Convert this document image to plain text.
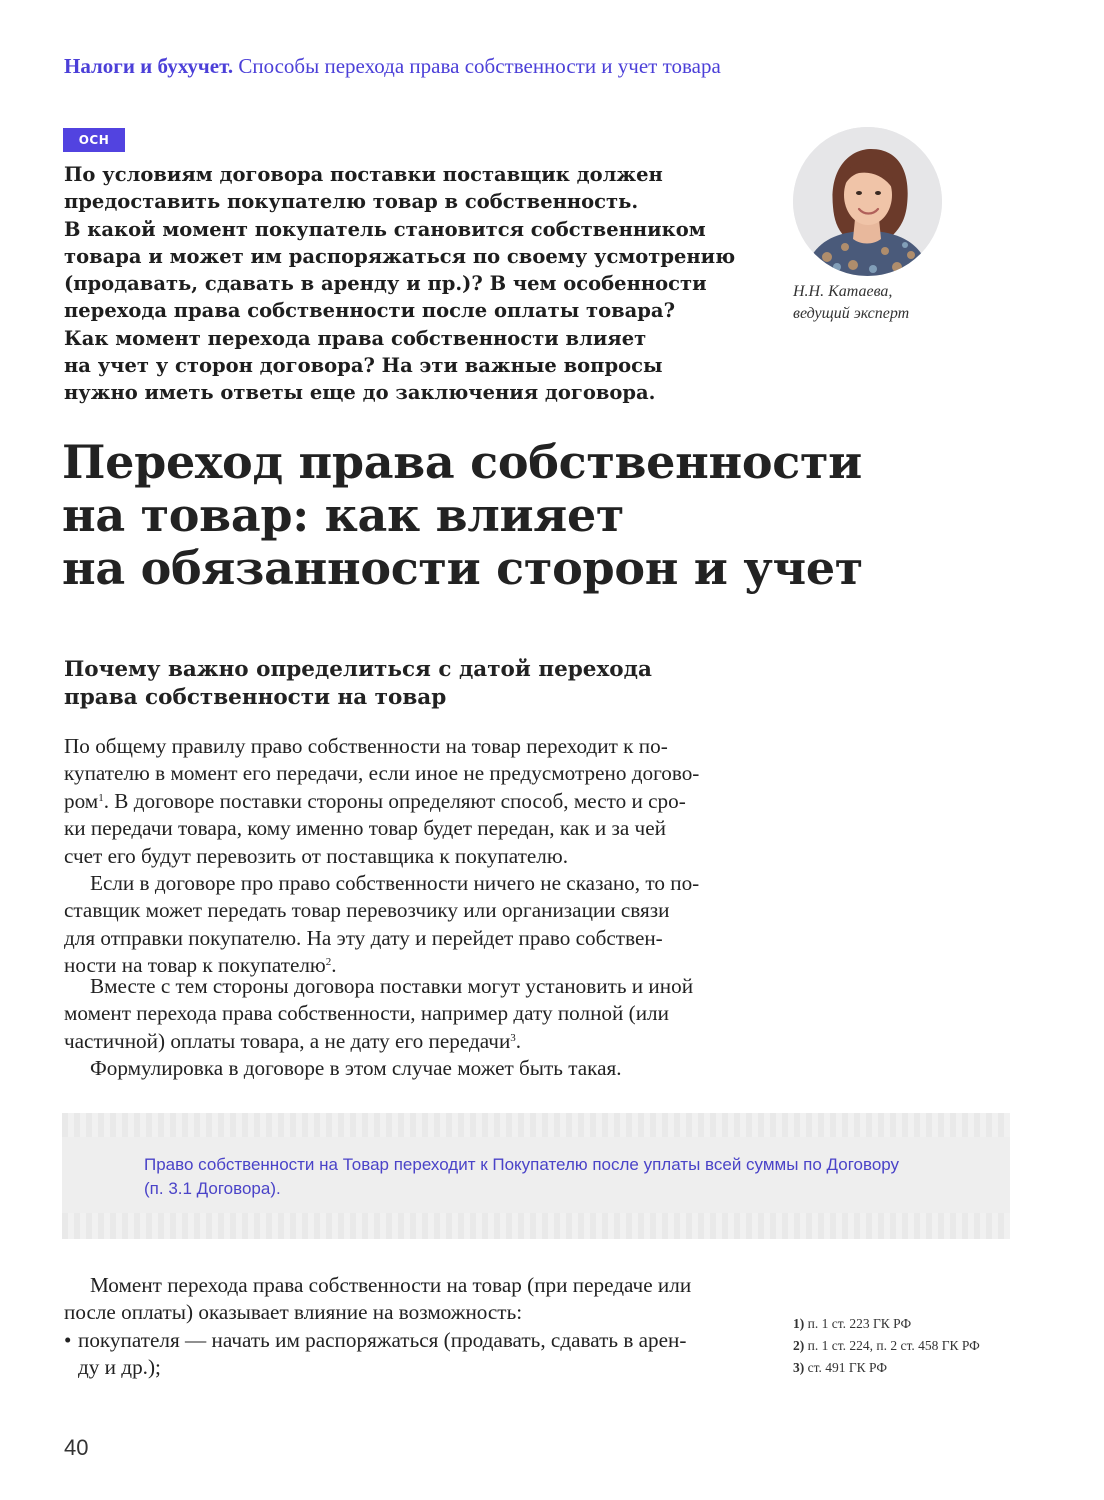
Налоги и бухучет. Способы перехода права собственности и учет товара
ОСН
По условиям договора поставки поставщик должен
предоставить покупателю товар в собственность.
В какой момент покупатель становится собственником
товара и может им распоряжаться по своему усмотрению
(продавать, сдавать в аренду и пр.)? В чем особенности
перехода права собственности после оплаты товара?
Как момент перехода права собственности влияет
на учет у сторон договора? На эти важные вопросы
нужно иметь ответы еще до заключения договора.
Н.Н. Катаева,
ведущий эксперт
Переход права собственности
на товар: как влияет
на обязанности сторон и учет
Почему важно определиться с датой перехода
права собственности на товар
По общему правилу право собственности на товар переходит к по-
купателю в момент его передачи, если иное не предусмотрено догово-
ром$^1$. В договоре поставки стороны определяют способ, место и сро-
ки передачи товара, кому именно товар будет передан, как и за чей
счет его будут перевозить от поставщика к покупателю.
Если в договоре про право собственности ничего не сказано, то по-
ставщик может передать товар перевозчику или организации связи
для отправки покупателю. На эту дату и перейдет право собствен-
ности на товар к покупателю$^2$.
Вместе с тем стороны договора поставки могут установить и иной
момент перехода права собственности, например дату полной (или
частичной) оплаты товара, а не дату его передачи$^3$.
Формулировка в договоре в этом случае может быть такая.
Право собственности на Товар переходит к Покупателю после уплаты всей суммы по Договору
(п. 3.1 Договора).
Момент перехода права собственности на товар (при передаче или
после оплаты) оказывает влияние на возможность:
• покупателя — начать им распоряжаться (продавать, сдавать в арен-
ду и др.);
1) п. 1 ст. 223 ГК РФ
2) п. 1 ст. 224, п. 2 ст. 458 ГК РФ
3) ст. 491 ГК РФ
40
